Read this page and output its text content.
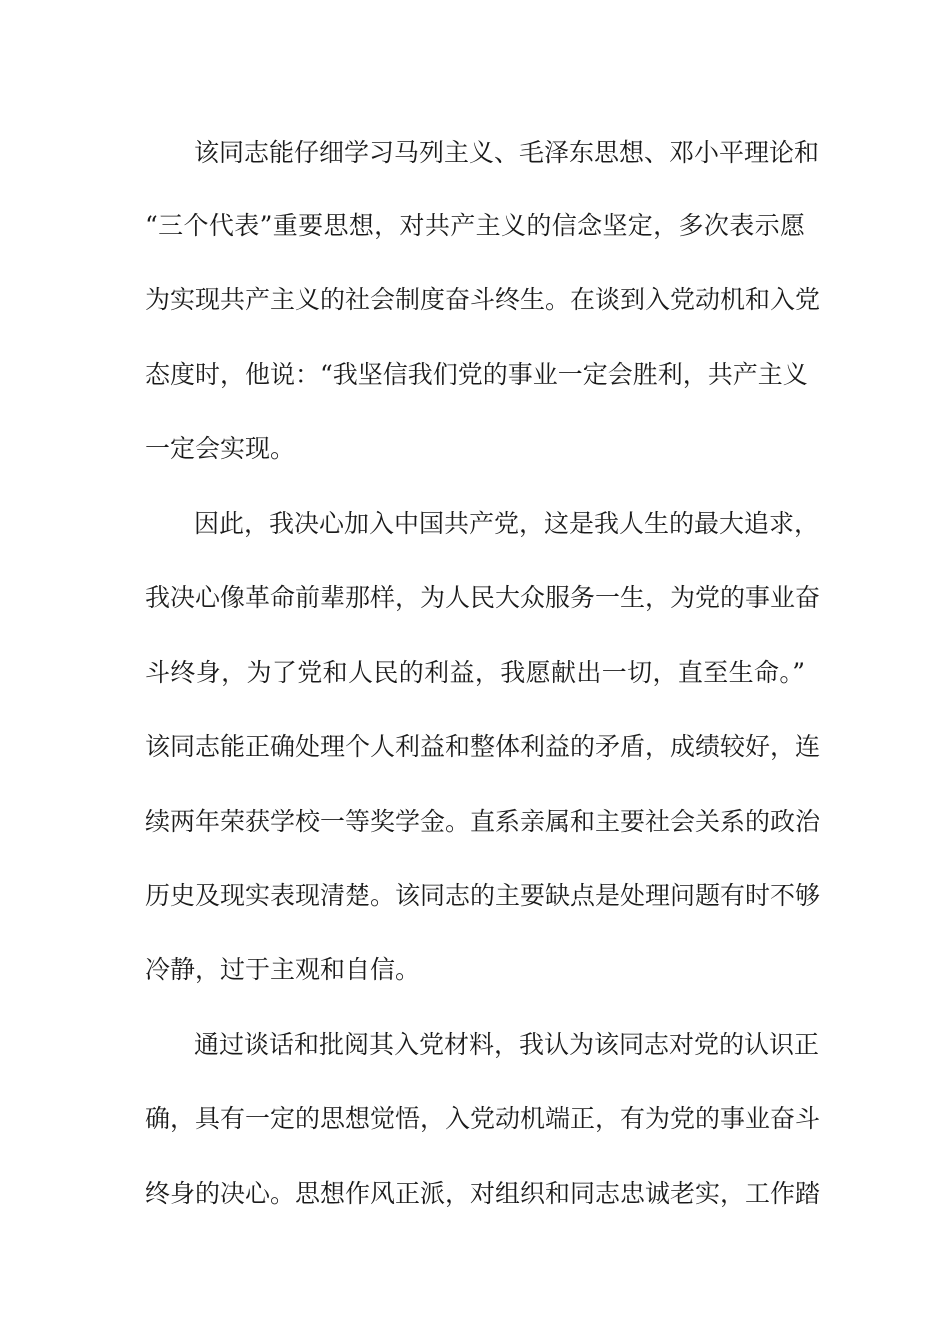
该同志能仔细学习马列主义、毛泽东思想、邓小平理论和
“三个代表”重要思想，对共产主义的信念坚定，多次表示愿
为实现共产主义的社会制度奋斗终生。在谈到入党动机和入党
态度时，他说：“我坚信我们党的事业一定会胜利，共产主义
一定会实现。
因此，我决心加入中国共产党，这是我人生的最大追求，
我决心像革命前辈那样，为人民大众服务一生，为党的事业奋
斗终身，为了党和人民的利益，我愿献出一切，直至生命。”
该同志能正确处理个人利益和整体利益的矛盾，成绩较好，连
续两年荣获学校一等奖学金。直系亲属和主要社会关系的政治
历史及现实表现清楚。该同志的主要缺点是处理问题有时不够
冷静，过于主观和自信。
通过谈话和批阅其入党材料，我认为该同志对党的认识正
确，具有一定的思想觉悟，入党动机端正，有为党的事业奋斗
终身的决心。思想作风正派，对组织和同志忠诚老实，工作踏
